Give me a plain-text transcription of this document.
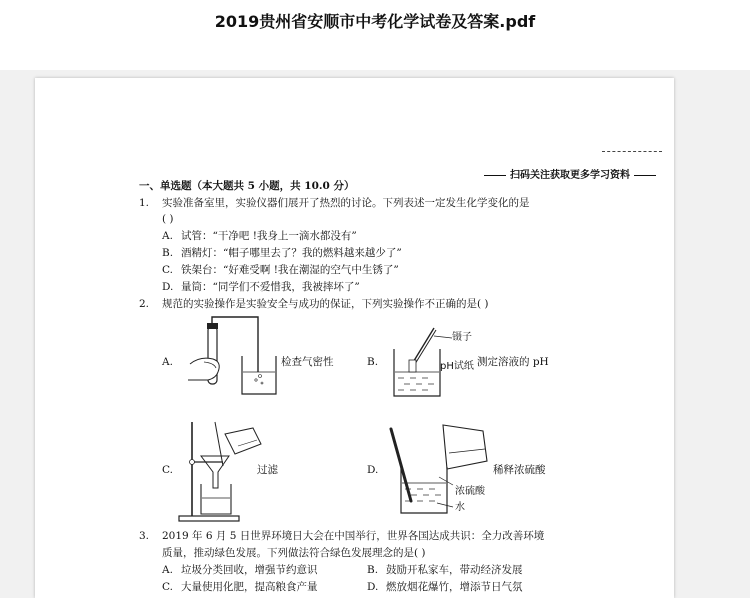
2019贵州省安顺市中考化学试卷及答案.pdf
扫码关注获取更多学习资料
一、单选题（本大题共 5 小题，共 10.0 分）
1. 实验准备室里，实验仪器们展开了热烈的讨论。下列表述一定发生化学变化的是
( )
A. 试管：“干净吧 !我身上一滴水都没有”
B. 酒精灯：“帽子哪里去了？我的燃料越来越少了”
C. 铁架台：“好难受啊 !我在潮湿的空气中生锈了”
D. 量筒：“同学们不爱惜我，我被摔坏了”
2. 规范的实验操作是实验安全与成功的保证，下列实验操作不正确的是( )
A.	检查气密性	B.
镊子
pH试纸 测定溶液的 pH
C.	过滤	D.	稀释浓硫酸
浓硫酸
水
3. 2019 年 6 月 5 日世界环境日大会在中国举行，世界各国达成共识：全力改善环境
质量，推动绿色发展。下列做法符合绿色发展理念的是( )
A. 垃圾分类回收，增强节约意识	B. 鼓励开私家车，带动经济发展
C. 大量使用化肥，提高粮食产量	D. 燃放烟花爆竹，增添节日气氛
